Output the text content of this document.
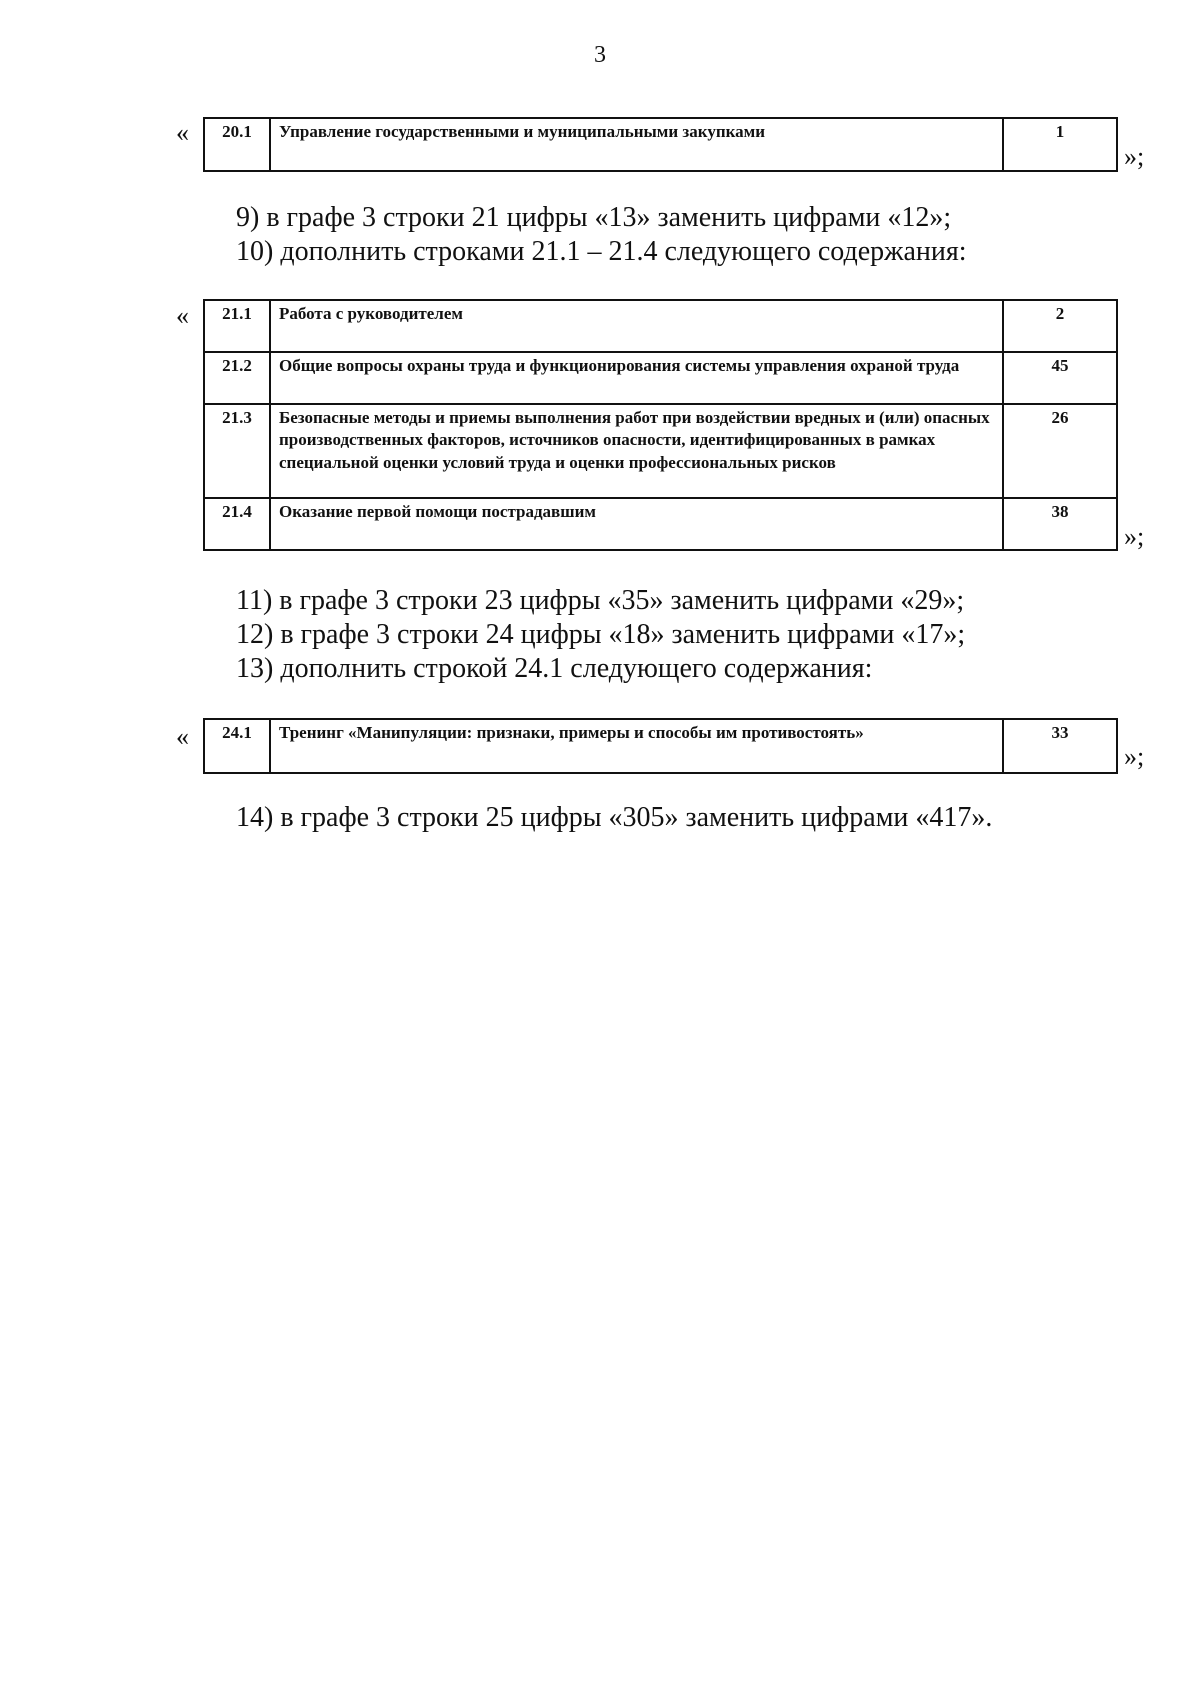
3
« 20.1	Управление государственными и муниципальными закупками	1
»;
9) в графе 3 строки 21 цифры «13» заменить цифрами «12»;
10) дополнить строками 21.1 – 21.4 следующего содержания:
« 21.1	Работа с руководителем	2
21.2	Общие вопросы охраны труда и функционирования системы управления охраной труда	45
21.3	Безопасные методы и приемы выполнения работ при воздействии вредных и (или) опасных производственных факторов, источников опасности, идентифицированных в рамках специальной оценки условий труда и оценки профессиональных рисков	26
21.4	Оказание первой помощи пострадавшим	38
»;
11) в графе 3 строки 23 цифры «35» заменить цифрами «29»;
12) в графе 3 строки 24 цифры «18» заменить цифрами «17»;
13) дополнить строкой 24.1 следующего содержания:
« 24.1	Тренинг «Манипуляции: признаки, примеры и способы им противостоять»	33
»;
14) в графе 3 строки 25 цифры «305» заменить цифрами «417».
